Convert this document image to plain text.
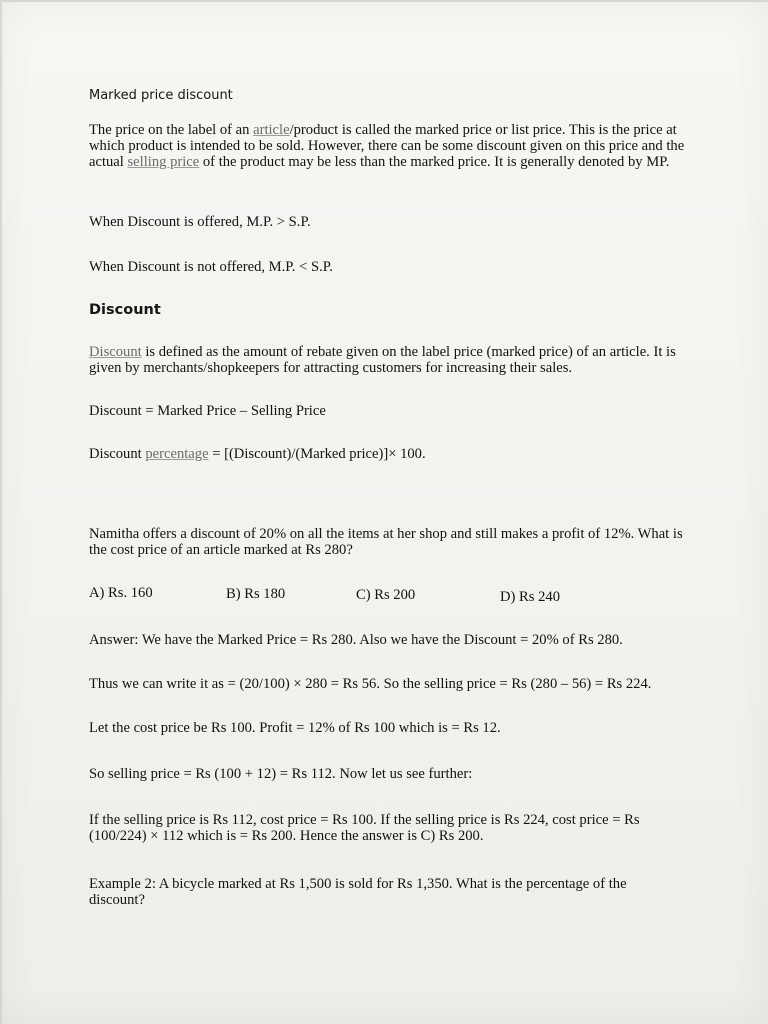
Marked price discount
The price on the label of an article/product is called the marked price or list price. This is the price at which product is intended to be sold. However, there can be some discount given on this price and the actual selling price of the product may be less than the marked price. It is generally denoted by MP.
When Discount is offered, M.P. > S.P.
When Discount is not offered, M.P. < S.P.
Discount
Discount is defined as the amount of rebate given on the label price (marked price) of an article. It is given by merchants/shopkeepers for attracting customers for increasing their sales.
Discount = Marked Price – Selling Price
Discount percentage = [(Discount)/(Marked price)]× 100.
Namitha offers a discount of 20% on all the items at her shop and still makes a profit of 12%. What is the cost price of an article marked at Rs 280?
A) Rs. 160	B) Rs 180	C) Rs 200	D) Rs 240
Answer: We have the Marked Price = Rs 280. Also we have the Discount = 20% of Rs 280.
Thus we can write it as = (20/100) × 280 = Rs 56. So the selling price = Rs (280 – 56) = Rs 224.
Let the cost price be Rs 100. Profit = 12% of Rs 100 which is = Rs 12.
So selling price = Rs (100 + 12) = Rs 112. Now let us see further:
If the selling price is Rs 112, cost price = Rs 100. If the selling price is Rs 224, cost price = Rs (100/224) × 112 which is = Rs 200. Hence the answer is C) Rs 200.
Example 2: A bicycle marked at Rs 1,500 is sold for Rs 1,350. What is the percentage of the discount?
